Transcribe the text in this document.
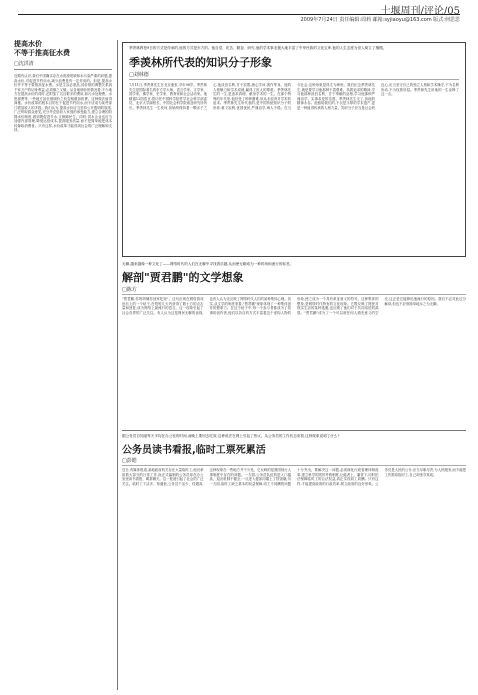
十堰周刊/评论/05
2009年7月24日 责任编辑:周莉 邮箱:syjiaoyu@163.com 版式:何思思
提高水价
不等于推高征水费
□沈洪清
近期有认识,我们中国确实存在水资源短缺和水污染严重的问题,提高水价,对促进节约用水,减少浪费是有一定作用的。但是,提高水价并不等于要推高征水费。水是生活必需品,其价格的调整关系到千家万户的切身利益,必须慎之又慎。从各地调价的情况看,不少地方在提高水价的同时,还附加了名目繁多的费用,如污水处理费、水资源费等,一些地方甚至借调价之机变相增加收费。这种做法值得商榷。水价改革的根本目的在于促进节约用水,而不应成为某些部门增加收入的手段。我们认为,提高水价应当坚持公开透明的原则,广泛听取群众意见,充分考虑低收入家庭的承受能力,建立合理的阶梯水价制度,做到既促进节水,又保障民生。同时,供水企业也应当加强内部管理,降低运营成本,提高服务质量,而不是简单地把成本转嫁给消费者。只有这样,水价改革才能得到社会的广泛理解和支持。
季羡林教授9日的方式是传承的,他的方式是东方的。他自觉、吃苦、勤奋、研究,他的学术事业极大地丰富了中华民族的文化宝库,他的人生态度为世人树立了楷模。
季羡林所代表的知识分子形象
□刘林德
7月11日,季羡林先生在北京逝世,享年98岁。季羡林先生是国际著名的东方学大师、语言学家、文学家、国学家、佛学家、史学家、教育家和社会活动家。他精通12国语言,曾历任中国科学院哲学社会科学部委员、北京大学副校长、中国社会科学院南亚研究所所长。季羡林先生一生坎坷,但始终保持着一颗赤子之心,他淡泊名利,甘于寂寞,潜心学问,著作等身。他的人格魅力和学术成就,赢得了世人的尊重。季羡林先生的一生,是追求真理、献身学术的一生。在那个特殊的年代里,他经受了种种磨难,但从未放弃对学术的追求。季羡林先生所代表的,是中国传统知识分子的形象:重义轻利,忧国忧民,严谨治学,诲人不倦。在当今社会,这种形象显得尤为珍贵。我们纪念季羡林先生,就是要学习他那种不畏艰难、执着追求的精神,学习他那种淡泊名利、甘于奉献的品格,学习他那种严谨治学、实事求是的态度。季羡林先生走了,但他的精神永存。他留给我们的,不仅是丰厚的学术遗产,更是一种值得传承的人格力量。知识分子应当是社会的良心,应当坚守自己的独立人格和学术操守,不为名利所动,不为权势所屈。季羡林先生用他的一生诠释了这一点。
无聊,越来越像一种文化了——网络时代的人们在无聊中寻找着乐趣,从而使无聊成为一种时尚和流行的标签。
解剖"贾君鹏"的文学想象
□陈方
"贾君鹏,你妈妈喊你回家吃饭"。这句出现在网络游戏论坛上的一个帖子,在短短几天内获得了数十万的点击量和回复,成为网络上最流行的语言。这一现象引起了社会各界的广泛关注。有人认为这是网民无聊的表现,也有人认为这反映了网络时代人们的某种集体心理。其实,从文学的角度来看,"贾君鹏"现象体现了一种集体创作的想象力。在这个帖子中,每一个参与者都成为了故事的创作者,他们以各自的方式丰富着这个虚构人物的形象,使之成为一个具有象征意义的符号。这种集体的想象,是网络时代特有的文化现象。它既反映了网民对现实生活的某种逃避,也反映了他们对于共同话语的渴望。"贾君鹏"成为了一个可以被任何人填充意义的空壳,这正是它能够迅速流行的原因。我们不必对此过分解读,但也不应该简单地斥之为无聊。
据公务员自知道每天平均在办公室的时间,而晚上要回去吃饭,这种说法在网上引起了热议。从公务员的工作状态来看,这种现象说明了什么?
公务员读书看报,临时工票死累活
□彭皓
近日,有媒体报道,某地政府机关存在大量临时工,他们承担着大部分的日常工作,而正式编制的公务员却在办公室里读书看报、喝茶聊天。这一报道引起了社会的广泛关注。临时工干活多、待遇低,公务员干活少、待遇高,这种现象在一些地方并不少见。它反映的是我国现行人事制度中存在的问题。一方面,公务员队伍的进入门槛高、退出机制不健全,一旦进入便如同端上了铁饭碗;另一方面,临时工缺乏基本的权益保障,同工不同酬的问题十分突出。要解决这一问题,必须深化行政管理体制改革,建立科学的绩效考核制度,让能者上、庸者下,同时依法保障临时工的合法权益,真正实现同工同酬。只有这样,才能提高政府的行政效率,树立政府的良好形象。公务员是人民的公仆,应当尽职尽责,为人民服务,而不能把工作推给临时工,自己却坐享其成。
